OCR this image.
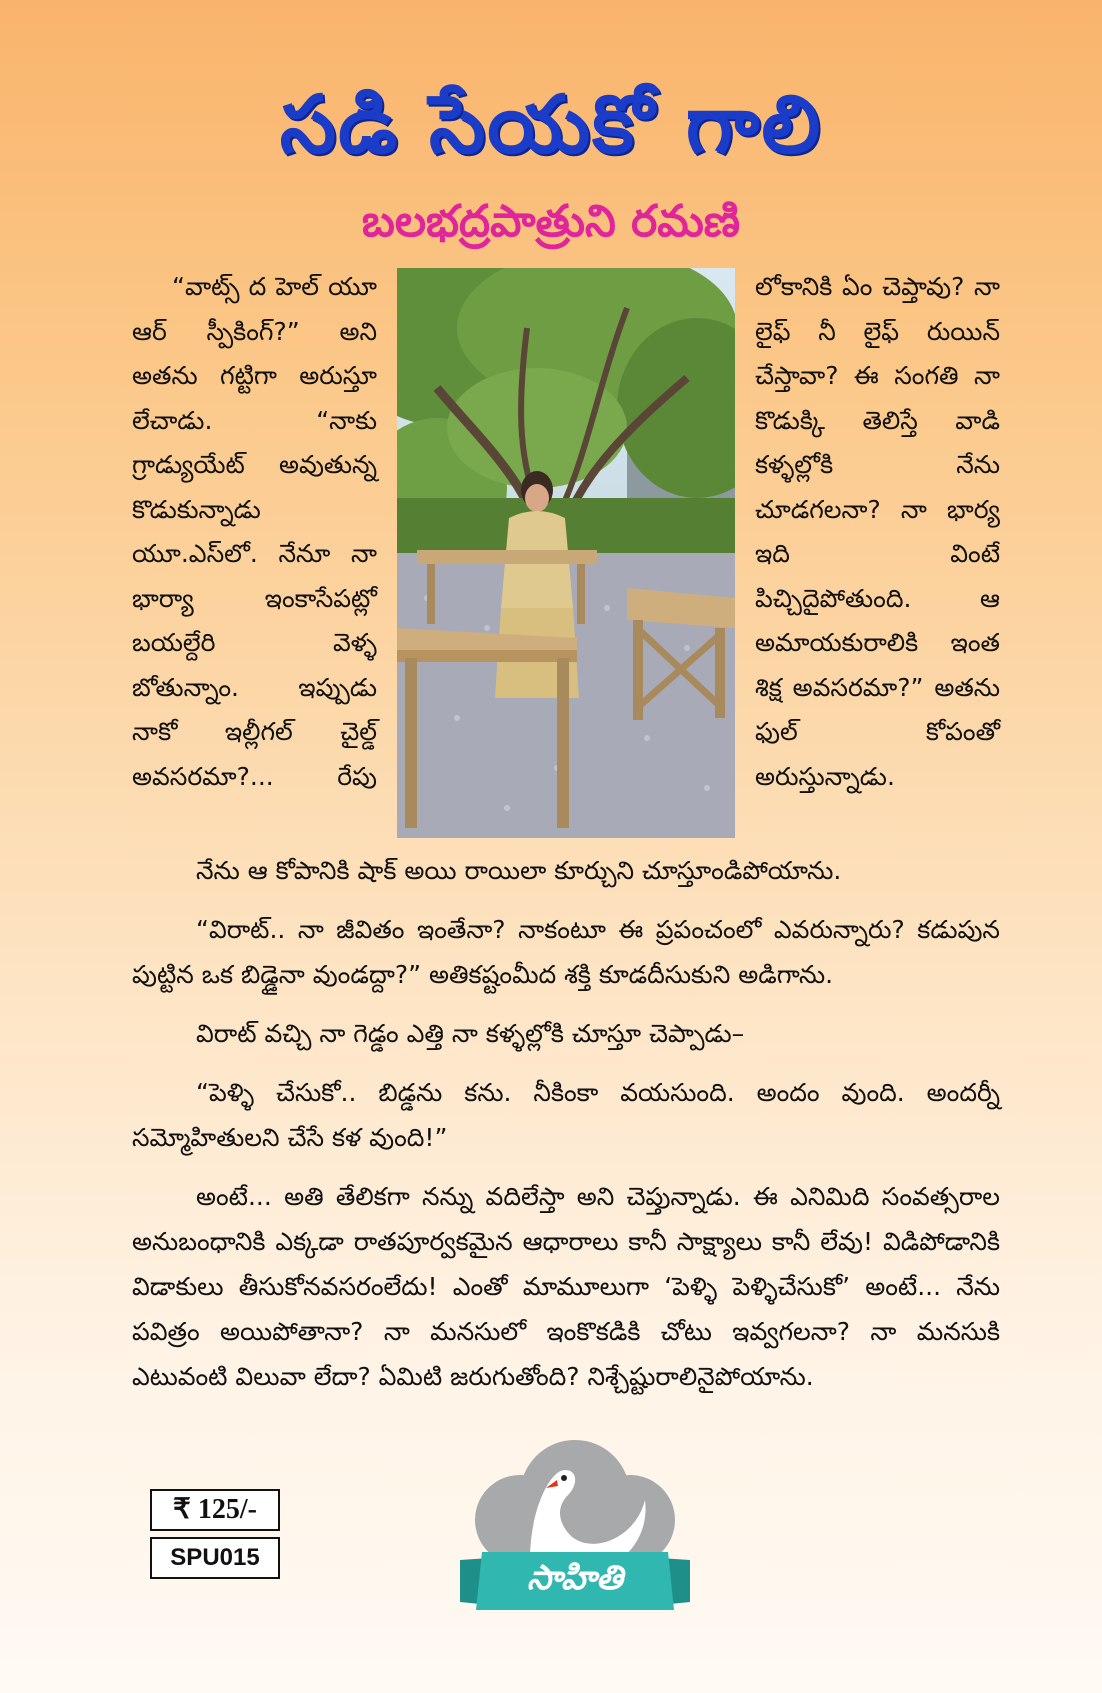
సడి సేయకో గాలి
బలభద్రపాత్రుని రమణి
“వాట్స్ ద హెల్ యూ ఆర్ స్పీకింగ్?” అని అతను గట్టిగా అరుస్తూ లేచాడు. “నాకు గ్రాడ్యుయేట్ అవుతున్న కొడుకున్నాడు యూ.ఎస్‌లో. నేనూ నా భార్యా ఇంకాసేపట్లో బయల్దేరి వెళ్ళ బోతున్నాం. ఇప్పుడు నాకో ఇల్లీగల్ చైల్డ్ అవసరమా?... రేపు
లోకానికి ఏం చెప్తావు? నా లైఫ్ నీ లైఫ్ రుయిన్ చేస్తావా? ఈ సంగతి నా కొడుక్కి తెలిస్తే వాడి కళ్ళల్లోకి నేను చూడగలనా? నా భార్య ఇది వింటే పిచ్చిదైపోతుంది. ఆ అమాయకురాలికి ఇంత శిక్ష అవసరమా?” అతను ఫుల్ కోపంతో అరుస్తున్నాడు.

నేను ఆ కోపానికి షాక్ అయి రాయిలా కూర్చుని చూస్తూండిపోయాను.

“విరాట్.. నా జీవితం ఇంతేనా? నాకంటూ ఈ ప్రపంచంలో ఎవరున్నారు? కడుపున పుట్టిన ఒక బిడ్డైనా వుండద్దా?” అతికష్టంమీద శక్తి కూడదీసుకుని అడిగాను.

విరాట్ వచ్చి నా గెడ్డం ఎత్తి నా కళ్ళల్లోకి చూస్తూ చెప్పాడు–

“పెళ్ళి చేసుకో.. బిడ్డను కను. నీకింకా వయసుంది. అందం వుంది. అందర్నీ సమ్మోహితులని చేసే కళ వుంది!”

అంటే... అతి తేలికగా నన్ను వదిలేస్తా అని చెప్తున్నాడు. ఈ ఎనిమిది సంవత్సరాల అనుబంధానికి ఎక్కడా రాతపూర్వకమైన ఆధారాలు కానీ సాక్ష్యాలు కానీ లేవు! విడిపోడానికి విడాకులు తీసుకోనవసరంలేదు! ఎంతో మామూలుగా ‘పెళ్ళి పెళ్ళిచేసుకో’ అంటే... నేను పవిత్రం అయిపోతానా? నా మనసులో ఇంకొకడికి చోటు ఇవ్వగలనా? నా మనసుకి ఎటువంటి విలువా లేదా? ఏమిటి జరుగుతోంది? నిశ్చేష్టురాలినైపోయాను.

₹ 125/-
SPU015
సాహితి
